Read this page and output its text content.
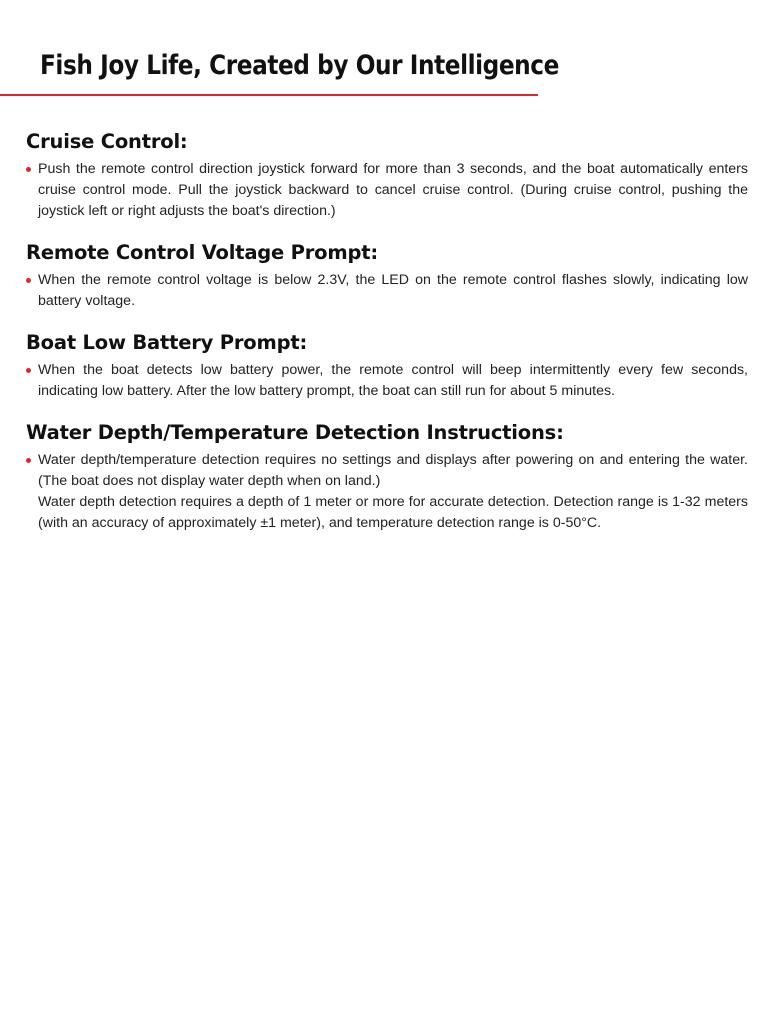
Fish Joy Life, Created by Our Intelligence
Cruise Control:
Push the remote control direction joystick forward for more than 3 seconds, and the boat automatically enters cruise control mode. Pull the joystick backward to cancel cruise control. (During cruise control, pushing the joystick left or right adjusts the boat's direction.)
Remote Control Voltage Prompt:
When the remote control voltage is below 2.3V, the LED on the remote control flashes slowly, indicating low battery voltage.
Boat Low Battery Prompt:
When the boat detects low battery power, the remote control will beep intermittently every few seconds, indicating low battery. After the low battery prompt, the boat can still run for about 5 minutes.
Water Depth/Temperature Detection Instructions:
Water depth/temperature detection requires no settings and displays after powering on and entering the water. (The boat does not display water depth when on land.)
Water depth detection requires a depth of 1 meter or more for accurate detection. Detection range is 1-32 meters (with an accuracy of approximately ±1 meter), and temperature detection range is 0-50°C.
